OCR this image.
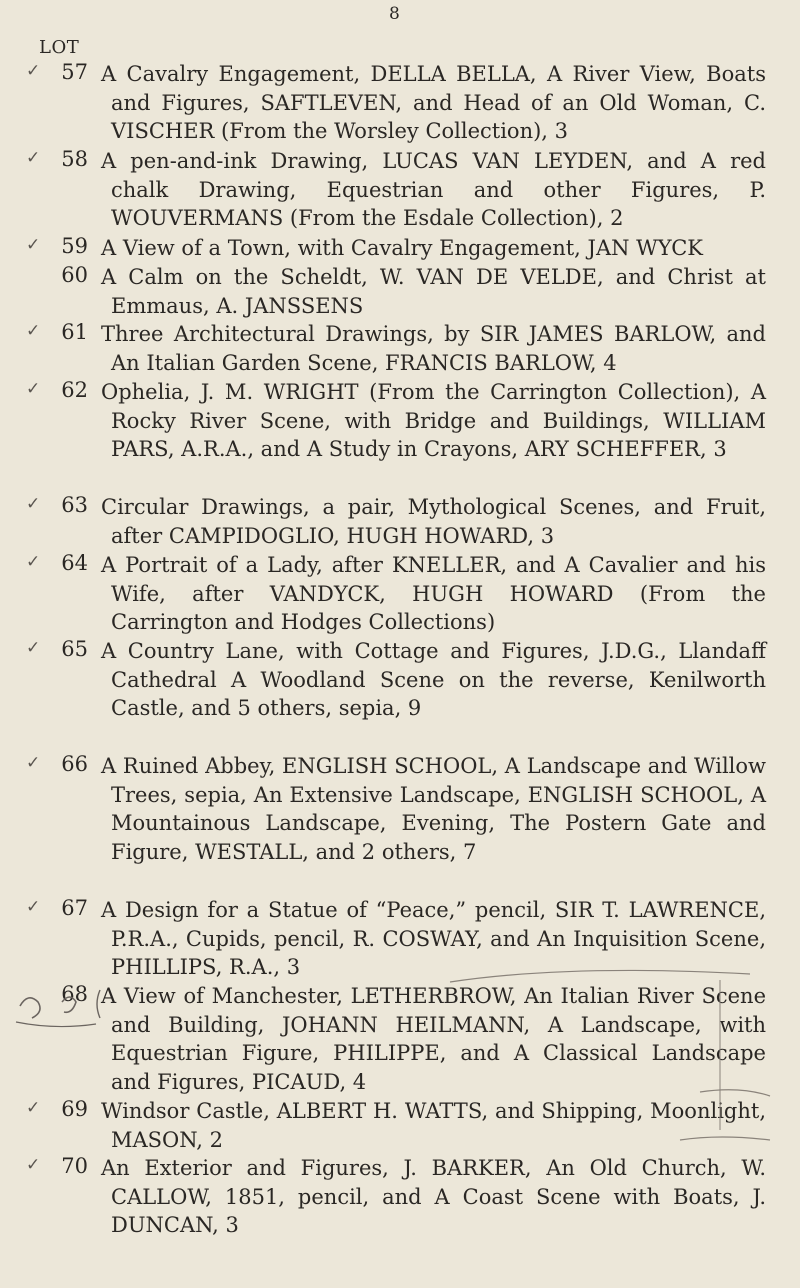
8
LOT
✓	57 A Cavalry Engagement, DELLA BELLA, A River View, Boats and Figures, SAFTLEVEN, and Head of an Old Woman, C. VISCHER (From the Worsley Collection), 3
✓	58 A pen-and-ink Drawing, LUCAS VAN LEYDEN, and A red chalk Drawing, Equestrian and other Figures, P. WOUVERMANS (From the Esdale Collection), 2
✓	59 A View of a Town, with Cavalry Engagement, JAN WYCK
60 A Calm on the Scheldt, W. VAN DE VELDE, and Christ at Emmaus, A. JANSSENS
✓	61 Three Architectural Drawings, by SIR JAMES BARLOW, and An Italian Garden Scene, FRANCIS BARLOW, 4
✓	62 Ophelia, J. M. WRIGHT (From the Carrington Collection), A Rocky River Scene, with Bridge and Buildings, WILLIAM PARS, A.R.A., and A Study in Crayons, ARY SCHEFFER, 3
✓	63 Circular Drawings, a pair, Mythological Scenes, and Fruit, after CAMPIDOGLIO, HUGH HOWARD, 3
✓	64 A Portrait of a Lady, after KNELLER, and A Cavalier and his Wife, after VANDYCK, HUGH HOWARD (From the Carrington and Hodges Collections)
✓	65 A Country Lane, with Cottage and Figures, J.D.G., Llandaff Cathedral A Woodland Scene on the reverse, Kenilworth Castle, and 5 others, sepia, 9
✓	66 A Ruined Abbey, ENGLISH SCHOOL, A Landscape and Willow Trees, sepia, An Extensive Landscape, ENGLISH SCHOOL, A Mountainous Landscape, Evening, The Postern Gate and Figure, WESTALL, and 2 others, 7
✓	67 A Design for a Statue of “Peace,” pencil, SIR T. LAWRENCE, P.R.A., Cupids, pencil, R. COSWAY, and An Inquisition Scene, PHILLIPS, R.A., 3
68 A View of Manchester, LETHERBROW, An Italian River Scene and Building, JOHANN HEILMANN, A Landscape, with Equestrian Figure, PHILIPPE, and A Classical Landscape and Figures, PICAUD, 4
✓	69 Windsor Castle, ALBERT H. WATTS, and Shipping, Moonlight, MASON, 2
✓	70 An Exterior and Figures, J. BARKER, An Old Church, W. CALLOW, 1851, pencil, and A Coast Scene with Boats, J. DUNCAN, 3
